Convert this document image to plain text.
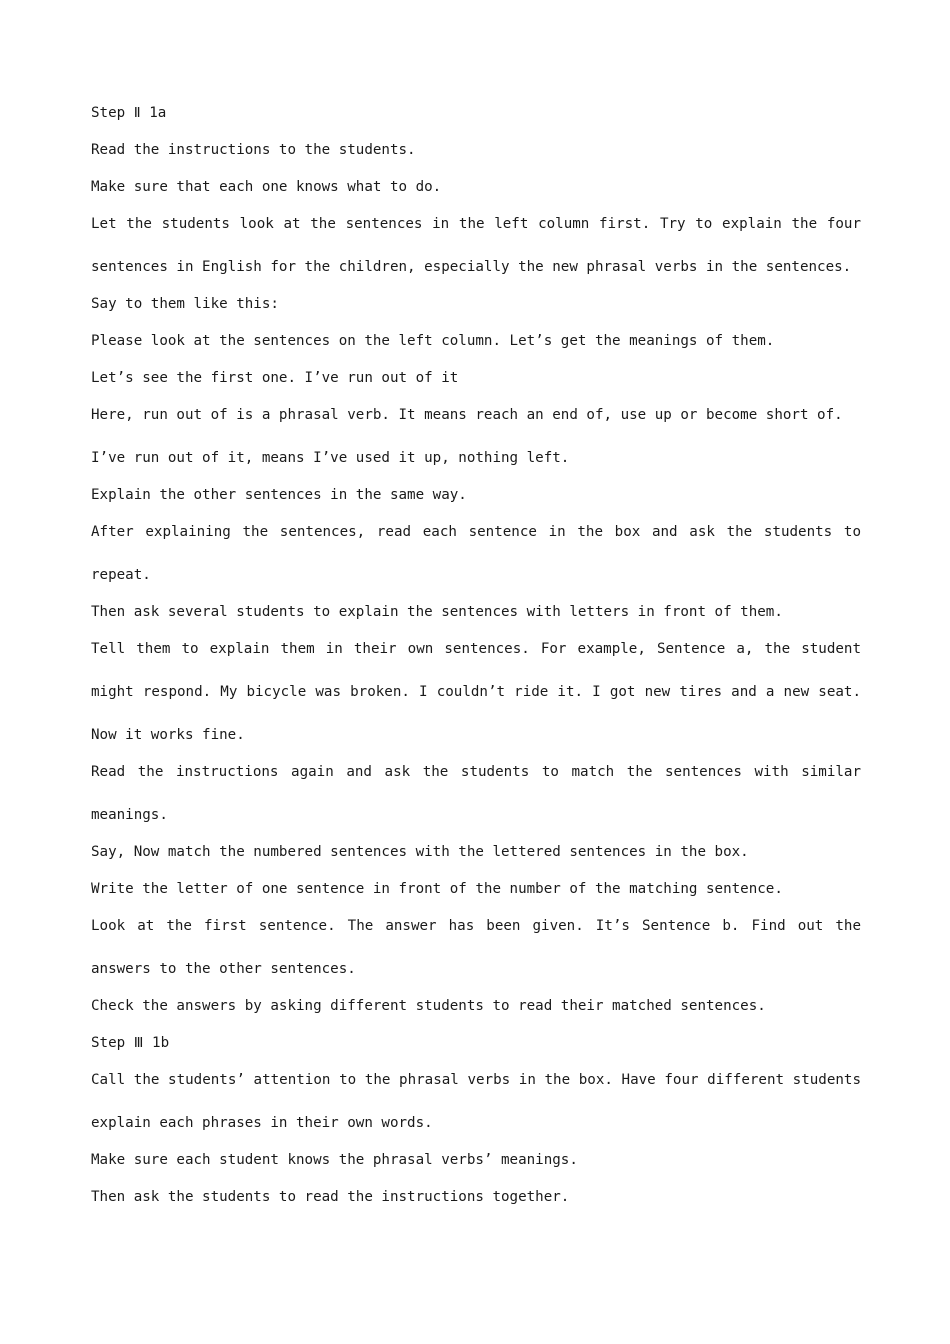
Step Ⅱ 1a

Read the instructions to the students.

Make sure that each one knows what to do.

Let the students look at the sentences in the left column first. Try to explain the four sentences in English for the children, especially the new phrasal verbs in the sentences.

Say to them like this:

Please look at the sentences on the left column. Let’s get the meanings of them.

Let’s see the first one. I’ve run out of it

Here, run out of is a phrasal verb. It means reach an end of, use up or become short of.

I’ve run out of it, means I’ve used it up, nothing left.

Explain the other sentences in the same way.

After explaining the sentences, read each sentence in the box and ask the students to repeat.

Then ask several students to explain the sentences with letters in front of them.

Tell them to explain them in their own sentences. For example, Sentence a, the student might respond. My bicycle was broken. I couldn’t ride it. I got new tires and a new seat. Now it works fine.

Read the instructions again and ask the students to match the sentences with similar meanings.

Say, Now match the numbered sentences with the lettered sentences in the box.

Write the letter of one sentence in front of the number of the matching sentence.

Look at the first sentence. The answer has been given. It’s Sentence b. Find out the answers to the other sentences.

Check the answers by asking different students to read their matched sentences.

Step Ⅲ 1b

Call the students’ attention to the phrasal verbs in the box. Have four different students explain each phrases in their own words.

Make sure each student knows the phrasal verbs’ meanings.

Then ask the students to read the instructions together.
